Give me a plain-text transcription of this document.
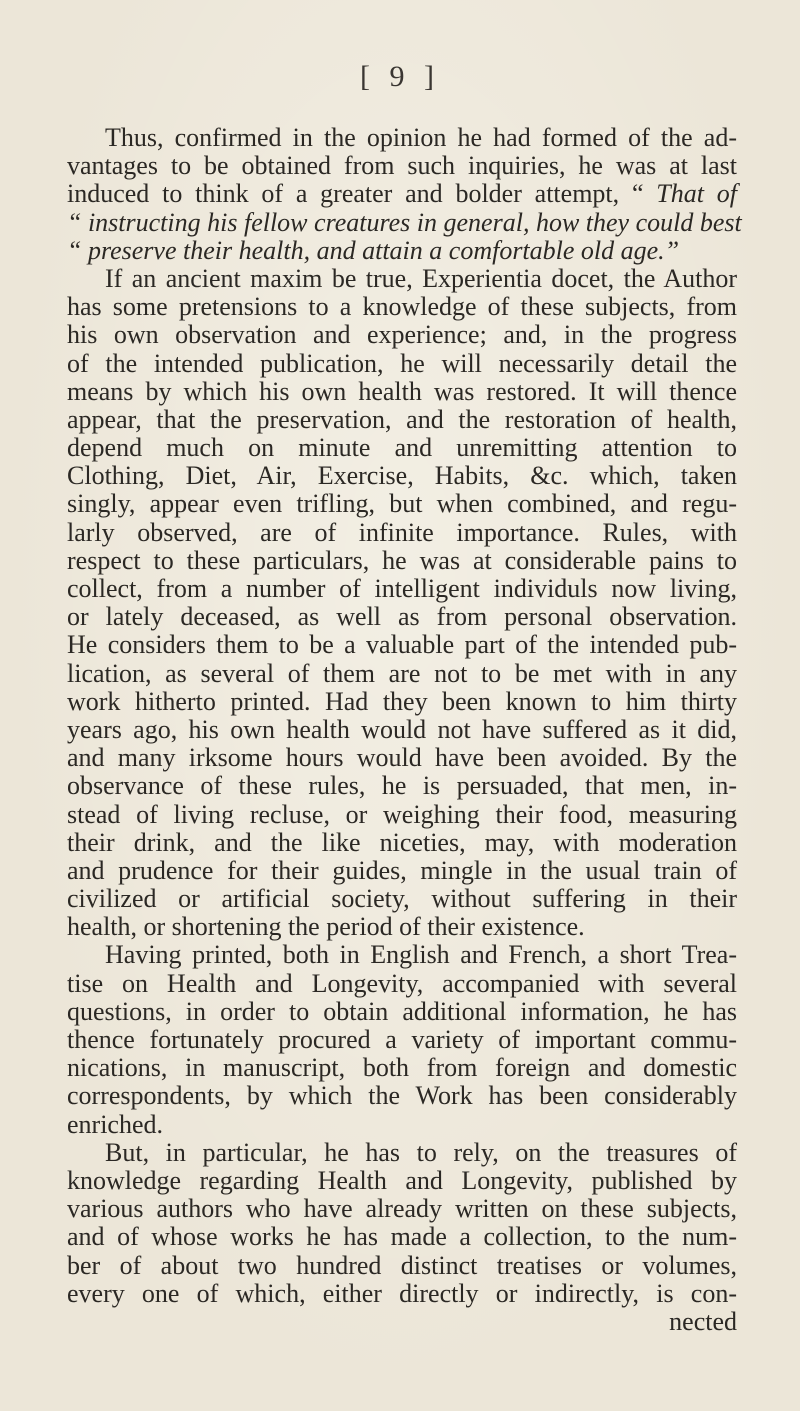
[ 9 ]
Thus, confirmed in the opinion he had formed of the ad-
vantages to be obtained from such inquiries, he was at last
induced to think of a greater and bolder attempt, “ That of
“ instructing his fellow creatures in general, how they could best
“ preserve their health, and attain a comfortable old age.”
If an ancient maxim be true, Experientia docet, the Author
has some pretensions to a knowledge of these subjects, from
his own observation and experience; and, in the progress
of the intended publication, he will necessarily detail the
means by which his own health was restored. It will thence
appear, that the preservation, and the restoration of health,
depend much on minute and unremitting attention to
Clothing, Diet, Air, Exercise, Habits, &c. which, taken
singly, appear even trifling, but when combined, and regu-
larly observed, are of infinite importance. Rules, with
respect to these particulars, he was at considerable pains to
collect, from a number of intelligent individuls now living,
or lately deceased, as well as from personal observation.
He considers them to be a valuable part of the intended pub-
lication, as several of them are not to be met with in any
work hitherto printed. Had they been known to him thirty
years ago, his own health would not have suffered as it did,
and many irksome hours would have been avoided. By the
observance of these rules, he is persuaded, that men, in-
stead of living recluse, or weighing their food, measuring
their drink, and the like niceties, may, with moderation
and prudence for their guides, mingle in the usual train of
civilized or artificial society, without suffering in their
health, or shortening the period of their existence.
Having printed, both in English and French, a short Trea-
tise on Health and Longevity, accompanied with several
questions, in order to obtain additional information, he has
thence fortunately procured a variety of important commu-
nications, in manuscript, both from foreign and domestic
correspondents, by which the Work has been considerably
enriched.
But, in particular, he has to rely, on the treasures of
knowledge regarding Health and Longevity, published by
various authors who have already written on these subjects,
and of whose works he has made a collection, to the num-
ber of about two hundred distinct treatises or volumes,
every one of which, either directly or indirectly, is con-
nected
